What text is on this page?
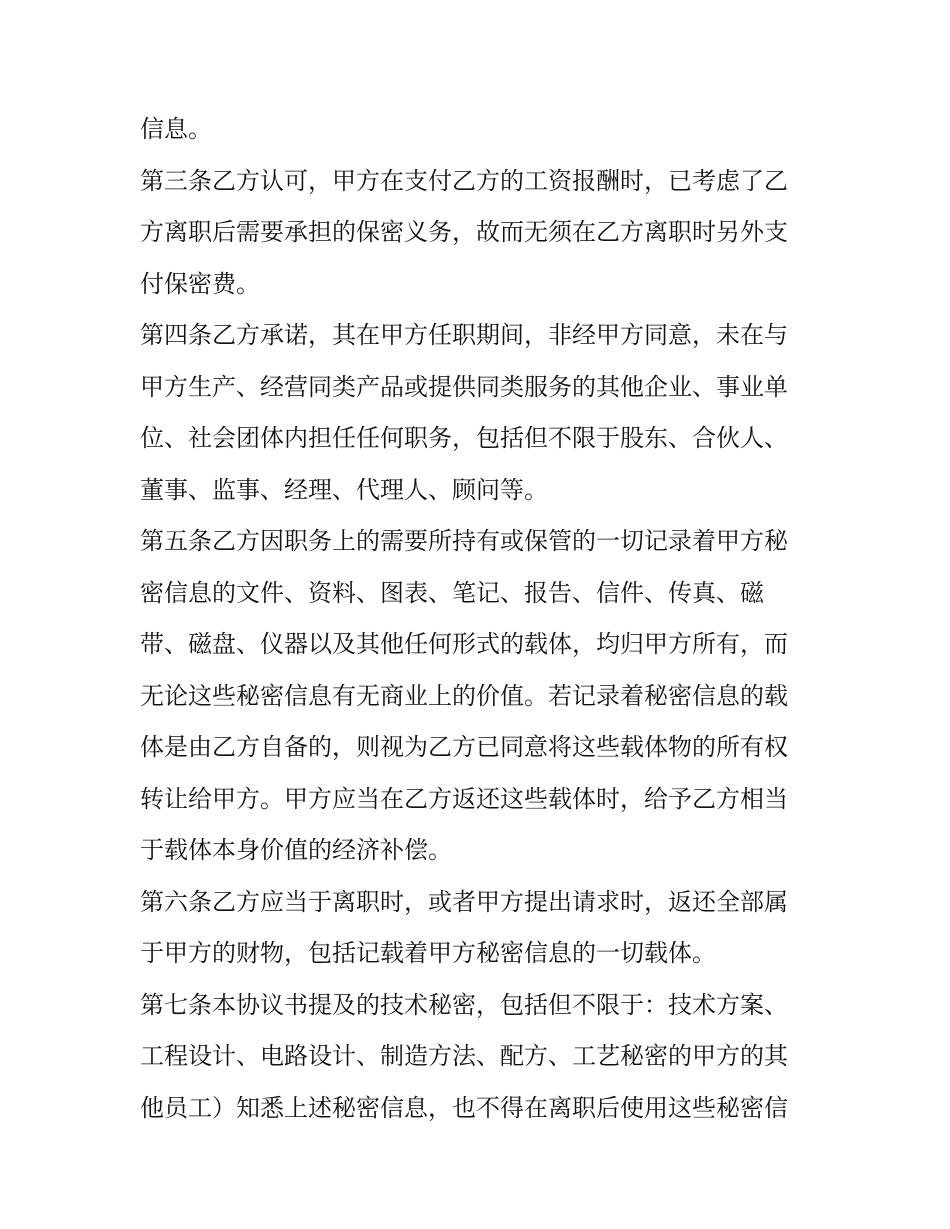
信息。
第三条乙方认可，甲方在支付乙方的工资报酬时，已考虑了乙
方离职后需要承担的保密义务，故而无须在乙方离职时另外支
付保密费。
第四条乙方承诺，其在甲方任职期间，非经甲方同意，未在与
甲方生产、经营同类产品或提供同类服务的其他企业、事业单
位、社会团体内担任任何职务，包括但不限于股东、合伙人、
董事、监事、经理、代理人、顾问等。
第五条乙方因职务上的需要所持有或保管的一切记录着甲方秘
密信息的文件、资料、图表、笔记、报告、信件、传真、磁
带、磁盘、仪器以及其他任何形式的载体，均归甲方所有，而
无论这些秘密信息有无商业上的价值。若记录着秘密信息的载
体是由乙方自备的，则视为乙方已同意将这些载体物的所有权
转让给甲方。甲方应当在乙方返还这些载体时，给予乙方相当
于载体本身价值的经济补偿。
第六条乙方应当于离职时，或者甲方提出请求时，返还全部属
于甲方的财物，包括记载着甲方秘密信息的一切载体。
第七条本协议书提及的技术秘密，包括但不限于：技术方案、
工程设计、电路设计、制造方法、配方、工艺秘密的甲方的其
他员工）知悉上述秘密信息，也不得在离职后使用这些秘密信
